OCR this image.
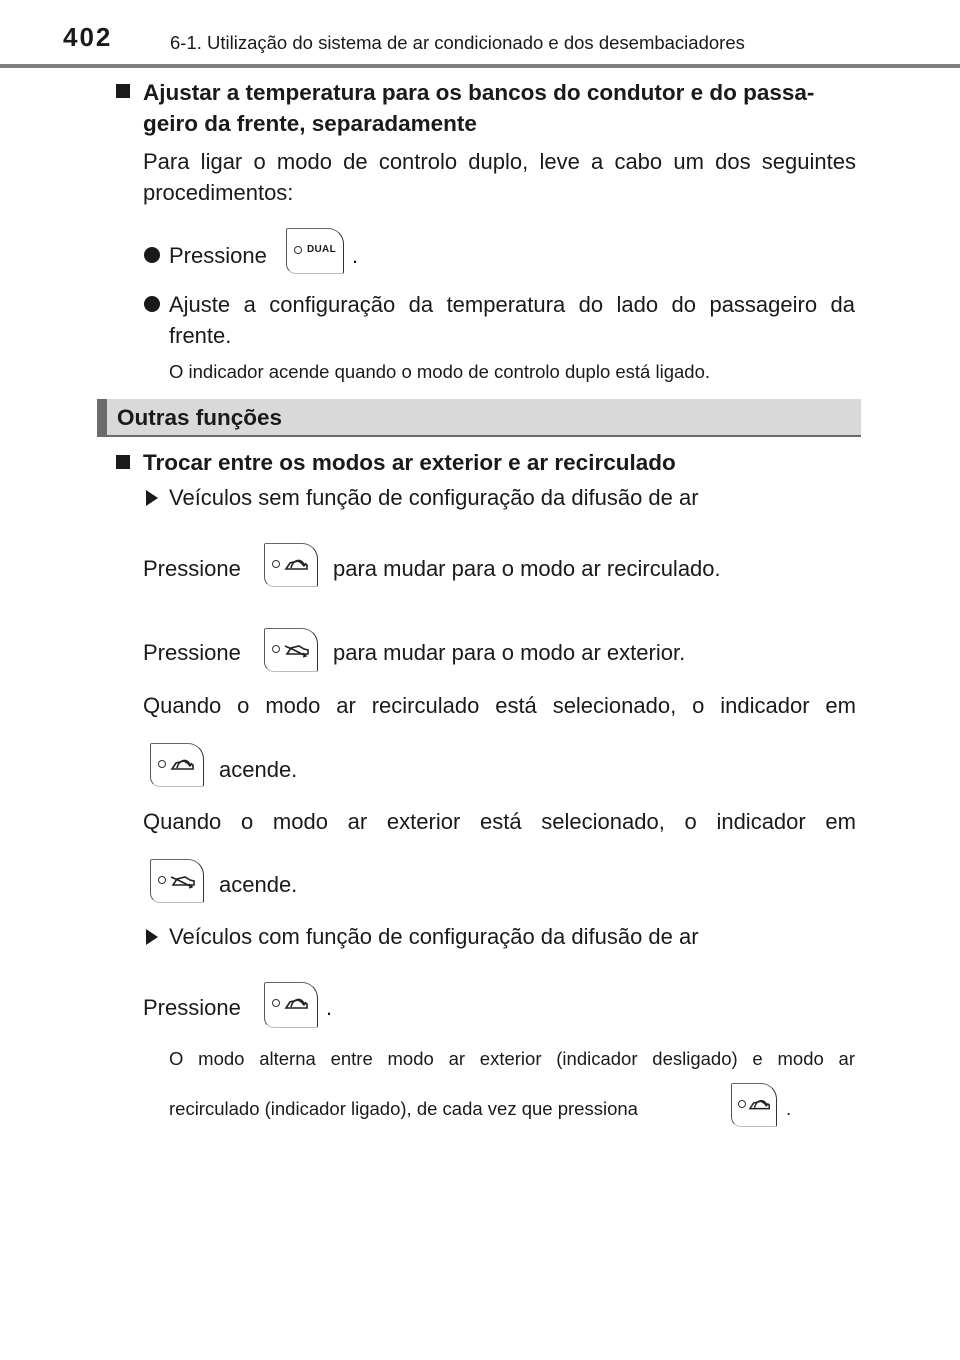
402	6-1. Utilização do sistema de ar condicionado e dos desembaciadores
Ajustar a temperatura para os bancos do condutor e do passa-
geiro da frente, separadamente
Para ligar o modo de controlo duplo, leve a cabo um dos seguintes
procedimentos:
Pressione	DUAL .
Ajuste a configuração da temperatura do lado do passageiro da
frente.
O indicador acende quando o modo de controlo duplo está ligado.
Outras funções
Trocar entre os modos ar exterior e ar recirculado
Veículos sem função de configuração da difusão de ar
Pressione	para mudar para o modo ar recirculado.
Pressione	para mudar para o modo ar exterior.
Quando o modo ar recirculado está selecionado, o indicador em
acende.
Quando o modo ar exterior está selecionado, o indicador em
acende.
Veículos com função de configuração da difusão de ar
Pressione	.
O modo alterna entre modo ar exterior (indicador desligado) e modo ar
recirculado (indicador ligado), de cada vez que pressiona	.
